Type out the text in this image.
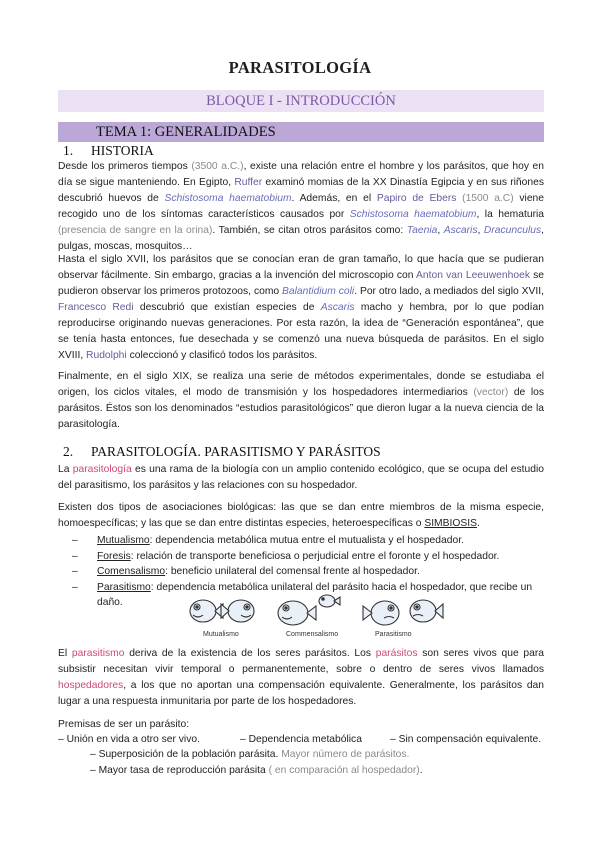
PARASITOLOGÍA
BLOQUE I - INTRODUCCIÓN
TEMA 1: GENERALIDADES
1. HISTORIA
Desde los primeros tiempos (3500 a.C.), existe una relación entre el hombre y los parásitos, que hoy en día se sigue manteniendo. En Egipto, Ruffer examinó momias de la XX Dinastía Egipcia y en sus riñones descubrió huevos de Schistosoma haematobium. Además, en el Papiro de Ebers (1500 a.C) viene recogido uno de los síntomas característicos causados por Schistosoma haematobium, la hematuria (presencia de sangre en la orina). También, se citan otros parásitos como: Taenia, Ascaris, Dracunculus, pulgas, moscas, mosquitos…
Hasta el siglo XVII, los parásitos que se conocían eran de gran tamaño, lo que hacía que se pudieran observar fácilmente. Sin embargo, gracias a la invención del microscopio con Anton van Leeuwenhoek se pudieron observar los primeros protozoos, como Balantidium coli. Por otro lado, a mediados del siglo XVII, Francesco Redi descubrió que existían especies de Ascaris macho y hembra, por lo que podían reproducirse originando nuevas generaciones. Por esta razón, la idea de “Generación espontánea”, que se tenía hasta entonces, fue desechada y se comenzó una nueva búsqueda de parásitos. En el siglo XVIII, Rudolphi coleccionó y clasificó todos los parásitos.
Finalmente, en el siglo XIX, se realiza una serie de métodos experimentales, donde se estudiaba el origen, los ciclos vitales, el modo de transmisión y los hospedadores intermediarios (vector) de los parásitos. Éstos son los denominados “estudios parasitológicos” que dieron lugar a la nueva ciencia de la parasitología.
2. PARASITOLOGÍA. PARASITISMO Y PARÁSITOS
La parasitología es una rama de la biología con un amplio contenido ecológico, que se ocupa del estudio del parasitismo, los parásitos y las relaciones con su hospedador.
Existen dos tipos de asociaciones biológicas: las que se dan entre miembros de la misma especie, homoespecíficas; y las que se dan entre distintas especies, heteroespecíficas o SIMBIOSIS.
– Mutualismo: dependencia metabólica mutua entre el mutualista y el hospedador.
– Foresis: relación de transporte beneficiosa o perjudicial entre el foronte y el hospedador.
– Comensalismo: beneficio unilateral del comensal frente al hospedador.
– Parasitismo: dependencia metabólica unilateral del parásito hacia el hospedador, que recibe un daño.
Mutualismo	Commensalismo	Parasitismo
El parasitismo deriva de la existencia de los seres parásitos. Los parásitos son seres vivos que para subsistir necesitan vivir temporal o permanentemente, sobre o dentro de seres vivos llamados hospedadores, a los que no aportan una compensación equivalente. Generalmente, los parásitos dan lugar a una respuesta inmunitaria por parte de los hospedadores.
Premisas de ser un parásito:
– Unión en vida a otro ser vivo.	– Dependencia metabólica	– Sin compensación equivalente.
– Superposición de la población parásita. Mayor número de parásitos.
– Mayor tasa de reproducción parásita ( en comparación al hospedador).
